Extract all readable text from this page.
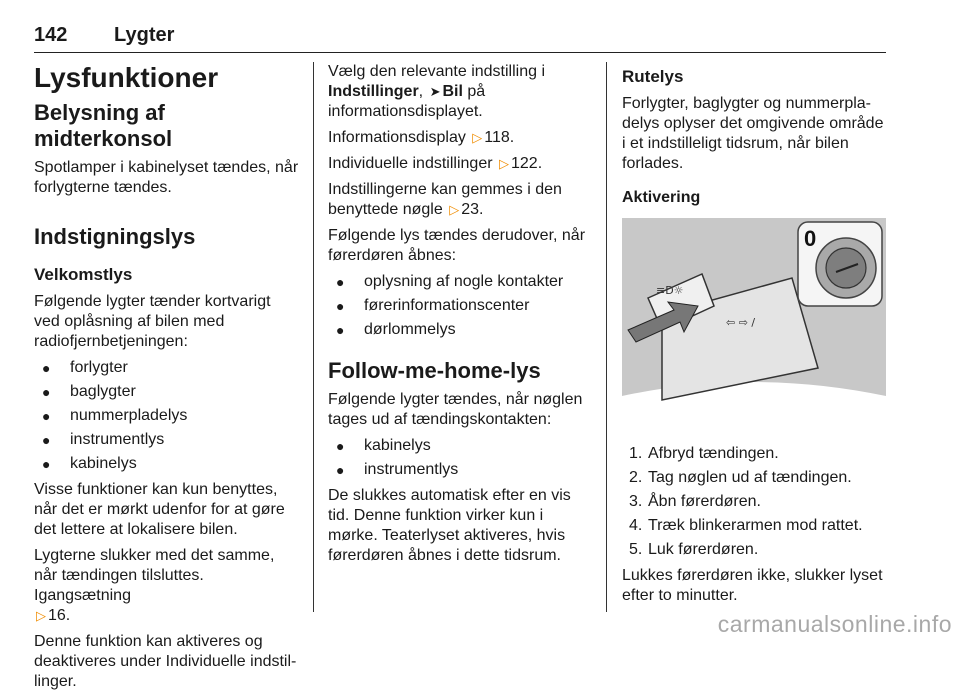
142 Lygter
Lysfunktioner
Belysning af midterkonsol

Spotlamper i kabinelyset tændes, når forlygterne tændes.

Indstigningslys
Velkomstlys

Følgende lygter tænder kortvarigt ved oplåsning af bilen med radiofjernbetjeningen:

● forlygter
● baglygter
● nummerpladelys
● instrumentlys
● kabinelys

Visse funktioner kan kun benyttes, når det er mørkt udenfor for at gøre det lettere at lokalisere bilen.

Lygterne slukker med det samme, når tændingen tilsluttes. Igangsætning
▷ 16.

Denne funktion kan aktiveres og deaktiveres under Individuelle indstillinger.

Vælg den relevante indstilling i Indstillinger, ➤ Bil på informationsdisplayet.

Informationsdisplay ▷ 118.

Individuelle indstillinger ▷ 122.

Indstillingerne kan gemmes i den benyttede nøgle ▷ 23.

Følgende lys tændes derudover, når førerdøren åbnes:

● oplysning af nogle kontakter
● førerinformationscenter
● dørlommelys
Follow-me-home-lys

Følgende lygter tændes, når nøglen tages ud af tændingskontakten:

● kabinelys
● instrumentlys

De slukkes automatisk efter en vis tid. Denne funktion virker kun i mørke. Teaterlyset aktiveres, hvis førerdøren åbnes i dette tidsrum.

Rutelys

Forlygter, baglygter og nummerpladelys oplyser det omgivende område i et indstilleligt tidsrum, når bilen forlades.

Aktivering
≡D☼
⇦ ⇨ /
0
1. Afbryd tændingen.
2. Tag nøglen ud af tændingen.
3. Åbn førerdøren.
4. Træk blinkerarmen mod rattet.
5. Luk førerdøren.

Lukkes førerdøren ikke, slukker lyset efter to minutter.

carmanualsonline.info
